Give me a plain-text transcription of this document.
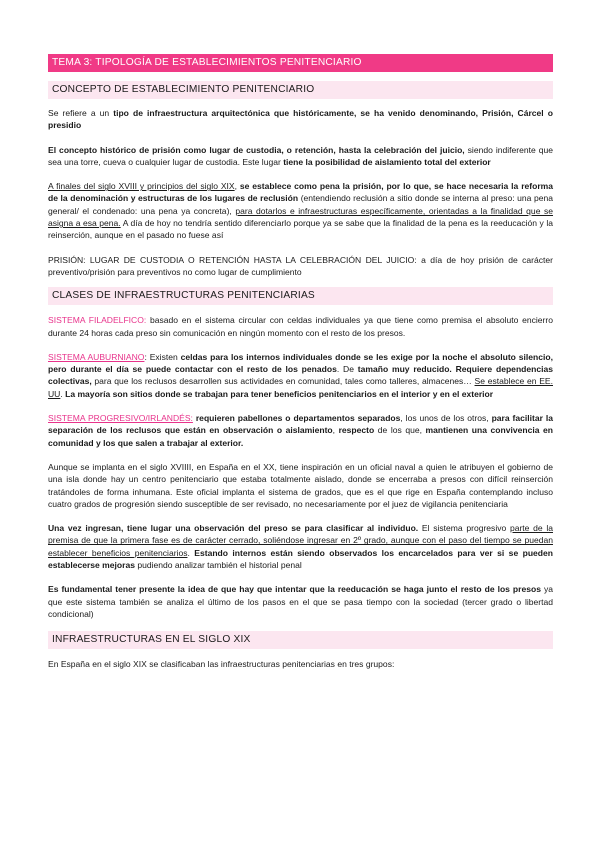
TEMA 3: TIPOLOGÍA DE ESTABLECIMIENTOS PENITENCIARIO
CONCEPTO DE ESTABLECIMIENTO PENITENCIARIO

Se refiere a un tipo de infraestructura arquitectónica que históricamente, se ha venido denominando, Prisión, Cárcel o presidio

El concepto histórico de prisión como lugar de custodia, o retención, hasta la celebración del juicio, siendo indiferente que sea una torre, cueva o cualquier lugar de custodia. Este lugar tiene la posibilidad de aislamiento total del exterior

A finales del siglo XVIII y principios del siglo XIX, se establece como pena la prisión, por lo que, se hace necesaria la reforma de la denominación y estructuras de los lugares de reclusión (entendiendo reclusión a sitio donde se interna al preso: una pena general/ el condenado: una pena ya concreta), para dotarlos e infraestructuras específicamente, orientadas a la finalidad que se asigna a esa pena. A día de hoy no tendría sentido diferenciarlo porque ya se sabe que la finalidad de la pena es la reeducación y la reinserción, aunque en el pasado no fuese así

PRISIÓN: LUGAR DE CUSTODIA O RETENCIÓN HASTA LA CELEBRACIÓN DEL JUICIO: a día de hoy prisión de carácter preventivo/prisión para preventivos no como lugar de cumplimiento

CLASES DE INFRAESTRUCTURAS PENITENCIARIAS

SISTEMA FILADELFICO: basado en el sistema circular con celdas individuales ya que tiene como premisa el absoluto encierro durante 24 horas cada preso sin comunicación en ningún momento con el resto de los presos.

SISTEMA AUBURNIANO: Existen celdas para los internos individuales donde se les exige por la noche el absoluto silencio, pero durante el día se puede contactar con el resto de los penados. De tamaño muy reducido. Requiere dependencias colectivas, para que los reclusos desarrollen sus actividades en comunidad, tales como talleres, almacenes… Se establece en EE. UU. La mayoría son sitios donde se trabajan para tener beneficios penitenciarios en el interior y en el exterior

SISTEMA PROGRESIVO/IRLANDÉS: requieren pabellones o departamentos separados, los unos de los otros, para facilitar la separación de los reclusos que están en observación o aislamiento, respecto de los que, mantienen una convivencia en comunidad y los que salen a trabajar al exterior.

Aunque se implanta en el siglo XVIIII, en España en el XX, tiene inspiración en un oficial naval a quien le atribuyen el gobierno de una isla donde hay un centro penitenciario que estaba totalmente aislado, donde se encerraba a presos con difícil reinserción tratándoles de forma inhumana. Este oficial implanta el sistema de grados, que es el que rige en España contemplando incluso cuatro grados de progresión siendo susceptible de ser revisado, no necesariamente por el juez de vigilancia penitenciaria

Una vez ingresan, tiene lugar una observación del preso se para clasificar al individuo. El sistema progresivo parte de la premisa de que la primera fase es de carácter cerrado, soliéndose ingresar en 2º grado, aunque con el paso del tiempo se puedan establecer beneficios penitenciarios. Estando internos están siendo observados los encarcelados para ver si se pueden establecerse mejoras pudiendo analizar también el historial penal

Es fundamental tener presente la idea de que hay que intentar que la reeducación se haga junto el resto de los presos ya que este sistema también se analiza el último de los pasos en el que se pasa tiempo con la sociedad (tercer grado o libertad condicional)

INFRAESTRUCTURAS EN EL SIGLO XIX

En España en el siglo XIX se clasificaban las infraestructuras penitenciarias en tres grupos:
